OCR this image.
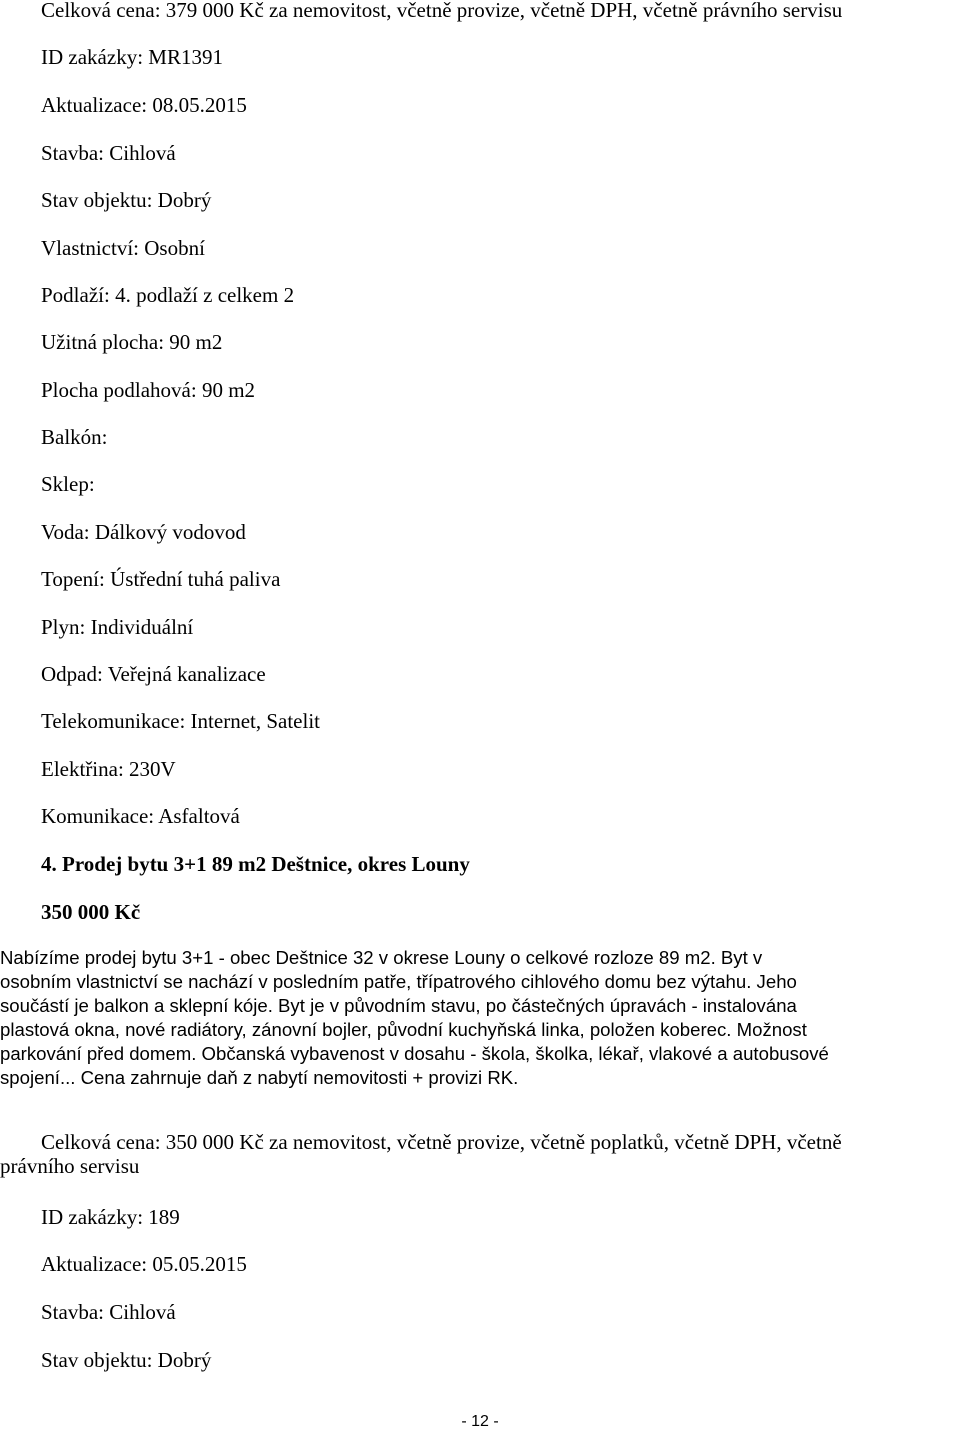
Celková cena: 379 000 Kč za nemovitost, včetně provize, včetně DPH, včetně právního servisu
ID zakázky: MR1391
Aktualizace: 08.05.2015
Stavba: Cihlová
Stav objektu: Dobrý
Vlastnictví: Osobní
Podlaží: 4. podlaží z celkem 2
Užitná plocha: 90 m2
Plocha podlahová: 90 m2
Balkón:
Sklep:
Voda: Dálkový vodovod
Topení: Ústřední tuhá paliva
Plyn: Individuální
Odpad: Veřejná kanalizace
Telekomunikace: Internet, Satelit
Elektřina: 230V
Komunikace: Asfaltová
4. Prodej bytu 3+1 89 m2 Deštnice, okres Louny
350 000 Kč
Nabízíme prodej bytu 3+1 - obec Deštnice 32 v okrese Louny o celkové rozloze 89 m2. Byt v
osobním vlastnictví se nachází v posledním patře, třípatrového cihlového domu bez výtahu. Jeho
součástí je balkon a sklepní kóje. Byt je v původním stavu, po částečných úpravách - instalována
plastová okna, nové radiátory, zánovní bojler, původní kuchyňská linka, položen koberec. Možnost
parkování před domem. Občanská vybavenost v dosahu - škola, školka, lékař, vlakové a autobusové
spojení... Cena zahrnuje daň z nabytí nemovitosti + provizi RK.
Celková cena: 350 000 Kč za nemovitost, včetně provize, včetně poplatků, včetně DPH, včetně
právního servisu
ID zakázky: 189
Aktualizace: 05.05.2015
Stavba: Cihlová
Stav objektu: Dobrý
- 12 -
